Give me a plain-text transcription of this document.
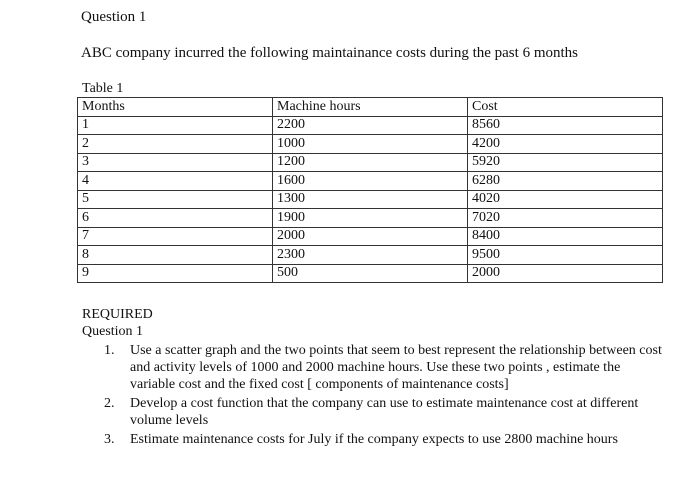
Question 1
ABC company incurred the following maintainance costs during the past 6 months
Table 1
Months	Machine hours	Cost
1	2200	8560
2	1000	4200
3	1200	5920
4	1600	6280
5	1300	4020
6	1900	7020
7	2000	8400
8	2300	9500
9	500	2000
REQUIRED
Question 1
1. Use a scatter graph and the two points that seem to best represent the relationship between cost and activity levels of 1000 and 2000 machine hours. Use these two points , estimate the variable cost and the fixed cost [ components of maintenance costs]
2. Develop a cost function that the company can use to estimate maintenance cost at different volume levels
3. Estimate maintenance costs for July if the company expects to use 2800 machine hours
